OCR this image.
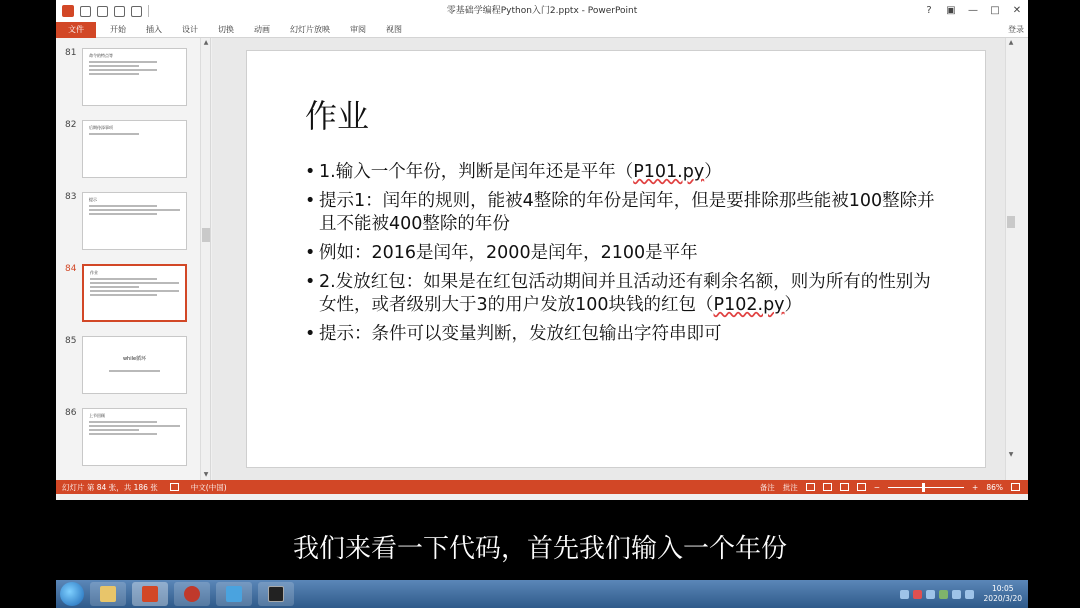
零基础学编程Python入门2.pptx - PowerPoint	?	▣	—	□	✕
文件	开始	插入	设计	切换	动画	幻灯片放映	审阅	视图	登录
81	命令的特点等
82	后期待添事项
83	提示
84	作业
85
while循环
86	上节回顾
▲
▼
作业
• 1.输入一个年份，判断是闰年还是平年（P101.py）
• 提示1：闰年的规则，能被4整除的年份是闰年，但是要排除那些能被100整除并且不能被400整除的年份
• 例如：2016是闰年，2000是闰年，2100是平年
• 2.发放红包：如果是在红包活动期间并且活动还有剩余名额，则为所有的性别为女性，或者级别大于3的用户发放100块钱的红包（P102.py）
• 提示：条件可以变量判断，发放红包输出字符串即可
▲
▼
幻灯片 第 84 张，共 186 张	中文(中国)	备注 批注	−	+ 86%
我们来看一下代码，首先我们输入一个年份
10:05
2020/3/20
